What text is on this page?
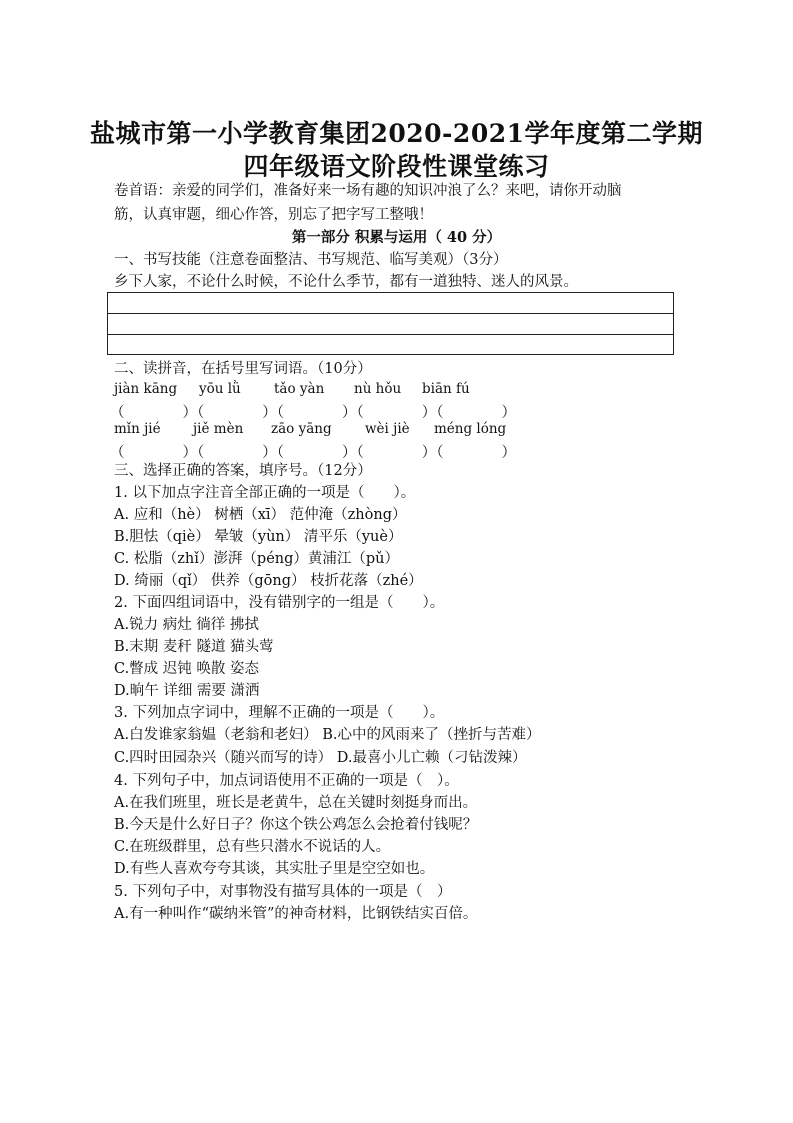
盐城市第一小学教育集团2020-2021学年度第二学期
四年级语文阶段性课堂练习
卷首语：亲爱的同学们，准备好来一场有趣的知识冲浪了么？来吧，请你开动脑
筋，认真审题，细心作答，别忘了把字写工整哦！
第一部分 积累与运用（ 40 分）
一、书写技能（注意卷面整洁、书写规范、临写美观）（3分）
乡下人家，不论什么时候，不论什么季节，都有一道独特、迷人的风景。
二、读拼音，在括号里写词语。（10分）
jiàn kāng yōu lǜ tǎo yàn nù hǒu biān fú
（　　　　）（　　　　）（　　　　）（　　　　）（　　　　）
mǐn jié jiě mèn zāo yāng wèi jiè méng lóng
（　　　　）（　　　　）（　　　　）（　　　　）（　　　　）
三、选择正确的答案，填序号。（12分）
1. 以下加点字注音全部正确的一项是（　　）。
A. 应和（hè） 树栖（xī） 范仲淹（zhòng）
B.胆怯（qiè） 晕皱（yùn） 清平乐（yuè）
C. 松脂（zhǐ）澎湃（péng）黄浦江（pǔ）
D. 绮丽（qǐ） 供养（gōng） 枝折花落（zhé）
2. 下面四组词语中，没有错别字的一组是（　　）。
A.锐力 病灶 徜徉 拂拭
B.末期 麦秆 隧道 猫头莺
C.瞥成 迟钝 唤散 姿态
D.晌午 详细 需要 潇洒
3. 下列加点字词中，理解不正确的一项是（　　）。
A.白发谁家翁媪（老翁和老妇） B.心中的风雨来了（挫折与苦难）
C.四时田园杂兴（随兴而写的诗） D.最喜小儿亡赖（刁钻泼辣）
4. 下列句子中，加点词语使用不正确的一项是（　）。
A.在我们班里，班长是老黄牛，总在关键时刻挺身而出。
B.今天是什么好日子？你这个铁公鸡怎么会抢着付钱呢？
C.在班级群里，总有些只潜水不说话的人。
D.有些人喜欢夸夸其谈，其实肚子里是空空如也。
5. 下列句子中，对事物没有描写具体的一项是（　）
A.有一种叫作“碳纳米管”的神奇材料，比钢铁结实百倍。
